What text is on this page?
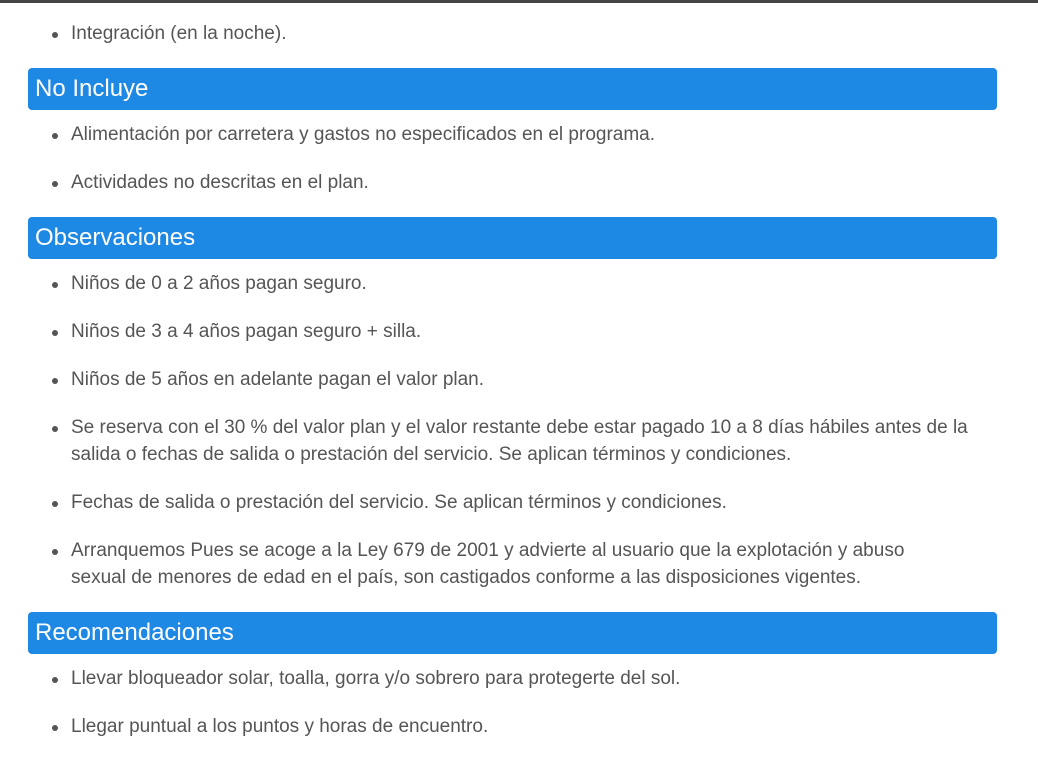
Integración (en la noche).
No Incluye
Alimentación por carretera y gastos no especificados en el programa.
Actividades no descritas en el plan.
Observaciones
Niños de 0 a 2 años pagan seguro.
Niños de 3 a 4 años pagan seguro + silla.
Niños de 5 años en adelante pagan el valor plan.
Se reserva con el 30 % del valor plan y el valor restante debe estar pagado 10 a 8 días hábiles antes de la salida o fechas de salida o prestación del servicio. Se aplican términos y condiciones.
Fechas de salida o prestación del servicio. Se aplican términos y condiciones.
Arranquemos Pues se acoge a la Ley 679 de 2001 y advierte al usuario que la explotación y abuso sexual de menores de edad en el país, son castigados conforme a las disposiciones vigentes.
Recomendaciones
Llevar bloqueador solar, toalla, gorra y/o sobrero para protegerte del sol.
Llegar puntual a los puntos y horas de encuentro.
